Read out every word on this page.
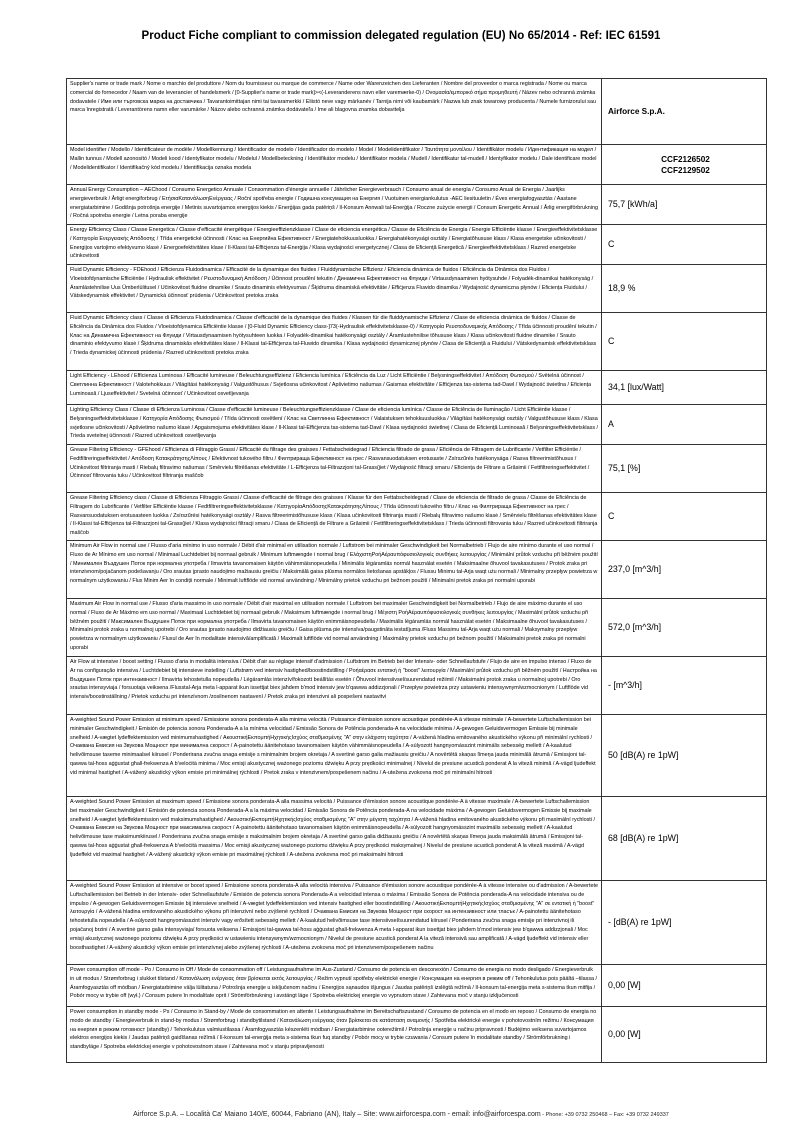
Product Fiche compliant to commission delegated regulation (EU) No 65/2014 - Ref: IEC 61591
Supplier's name or trade mark / Nome o marchio del produttore / Nom du fournisseur ou marque de commerce / Name oder Warenzeichen des Lieferanten / Nombre del proveedor o marca registrada / Nome ou marca comercial do fornecedor / Naam van de leverancier of handelsmerk / [0-Supplier's name or trade mark]><(-Leveranderens navn eller varemærke-0) / Ονομασία/εμπορικό σήμα προμηθευτή / Název nebo ochranná známka dodavatele / Име или търговска марка на доставчика / Tavarantoimittajan nimi tai tavaramerkki / Eliistó neve vagy márkanév / Tarnija nimi või kaubamärk / Nazwa lub znak towarowy producenta / Numele furnizorului sau marca înregistrată / Leverantörens namn eller varumärke / Názov alebo ochranná známka dodávateľa / Ime ali blagovna znamka dobavitelja	Airforce S.p.A.

Model identifier / Modello / Identificateur de modèle / Modellkennung / Identificador de modelo / Identificador do modelo / Model / Modelidentifikator / Ταυτότητα μοντέλου / Identifikátor modelu / Идентификация на модел / Mallin tunnus / Modell azonosító / Modeli kood / Identyfikator modelu / Modelul / Modellbeteckning / Identifikátor modelu / Identifikator modela / Mudell / Identifikatur tal-mudell / Identyfikator modelu / Dale identificare model / Modelidentifikator / Identifikačný kód modelu / Identifikacija oznaka modela	CCF2126502
CCF2129502

Annual Energy Consumption – AEChood / Consumo Energetico Annuale / Consommation d'énergie annuelle / Jährlicher Energieverbrauch / Consumo anual de energía / Consumo Anual de Energia / Jaarlijks energieverbruik / Årligt energiforbrug / ΕτήσιαΚατανάλωσηΕνέργειας / Roční spotřeba energie / Годишна консумация на Енергия / Vuotuinen energiankulutus -AEC liesituuletin / Éves energiafogyasztás / Aastane energiatarbimine / Godišnja potrošnja energije / Metinis suvartojamos energijos kiekis / Enerģijas gada patēriņš / Il-Konsum Annwali tal-Enerġija / Roczne zużycie energii / Consum Energetic Annual / Årlig energiförbrukning / Ročná spotreba energie / Letna poraba energije	75,7 [kWh/a]

Energy Efficiency Class / Classe Energetica / Classe d'efficacité énergétique / Energieeffizienzklasse / Clase de eficiencia energética / Classe de Eficiência de Energia / Energie Efficiëntie klasse / Energieeffektivitetsklasse / Κατηγορία Ενεργειακής Απόδοσης / Třída energetické účinnosti / Клас на Енергийна Ефективност / Energiatehokkuusluokka / Energiahatékonysági osztály / Energiatõhususe klass / Klasa energetske učinkovitosti / Energijos vartojimo efektyvumo klasė / Energoefektivitātes klase / Il-Klassi tal-Effiċjenza tal-Enerġija / Klasa wydajności energetycznej / Clasa de Eficiență Energetică / Energieeffektivitetsklass / Razred energetske učinkovitosti	C

Fluid Dynamic Efficiency - FDEhood / Efficienza Fluidodinamica / Efficacité de la dynamique des fluides / Fluiddynamische Effizienz / Eficiencia dinámica de fluidos / Eficiência da Dinâmica dos Fluidos / Vloeistofdynamische Efficiëntie / Hydraulisk effektivitet / Ρευστοδυναμική Απόδοση / Účinnost proudění tekutin / Динамична Ефективност на Флуиди / Virtausdynaaminen hyötysuhde / Folyadék-dinamikai hatékonyság / Áramlástehnilise Uus Ümberlülitusel / Učinkovitost fluidne dinamike / Srauto dinaminis efektyvumas / Šķidruma dinamiskā efektivitāte / Effiċjenza Fluwido dinamika / Wydajność dynamiczna płynów / Eficiența Fluidului / Vätskedynamisk effektivitet / Dynamická účinnosť prúdenia / Učinkovitost pretoka zraka	18,9 %

Fluid Dynamic Efficiency class / Classe di Efficienza Fluidodinamica / Classe d'efficacité de la dynamique des fluides / Klassen für die fluiddynamische Effizienz / Clase de eficiencia dinámica de fluidos / Classe de Eficiência da Dinâmica dos Fluidos / Vloeistofdynamica Efficiëntie klasse / [0-Fluid Dynamic Efficiency class-]73(-Hydraulisk effektivitetsklasse-0) / Κατηγορία Ρευστοδυναμικής Απόδοσης / Třída účinnosti proudění tekutin / Клас на Динамична Ефективност на Флуиди / Virtausdynaamisen hyötysuhteen luokka / Folyadék-dinamikai hatékonysági osztály / Áramlustehnilise tõhususe klass / Klasa učinkovitosti fluidne dinamike / Srauto dinaminio efektyvumo klasė / Šķidruma dinamiskās efektivitātes klase / Il-Klassi tal-Effiċjenza tal-Fluwido dinamika / Klasa wydajności dynamicznej płynów / Clasa de Eficiență a Fluidului / Vätskedynamisk effektivitetsklass / Trieda dynamickej účinnosti prúdenia / Razred učinkovitosti pretoka zraka	C

Light Efficiency - LEhood / Efficienza Luminosa / Efficacité lumineuse / Beleuchtungseffizienz / Eficiencia lumínica / Eficiência da Luz / Licht Efficiëntie / Belysningseffektivitet / Απόδοση Φωτισμού / Světelná účinnost / Светлинна Ефективност / Valotehokkuus / Világítási hatékonyság / Valgustõhusus / Svjetlosna učinkovitost / Apšvietimo našumas / Gaismas efektivitāte / Effiċjenza tas-sistema tad-Dawl / Wydajność świetlna / Eficiența Luminoasă / Ljuseffektivitet / Svetelná účinnosť / Učinkovitost osvetljevanja	34,1 [lux/Watt]

Lighting Efficiency Class / Classe di Efficienza Luminosa / Classe d'efficacité lumineuse / Beleuchtungseffizienzklasse / Clase de eficiencia lumínica / Classe de Eficiência de Iluminação / Licht Efficiëntie klasse / Belysningseffektivitetsklasse / Κατηγορία Απόδοσης Φωτισμού / Třída účinnosti osvětlení / Клас на Светлинна Ефективност / Valaistuksen tehokkuusluokka / Világítási hatékonysági osztály / Valgustõhususe klass / Klasa svjetlosne učinkovitosti / Apšvietimo našumo klasė / Apgaismojuma efektivitātes klase / Il-Klassi tal-Effiċjenza tas-sistema tad-Dawl / Klasa wydajności świetlnej / Clasa de Eficiență Luminoasă / Belysningseffektivitetsklass / Trieda svetelnej účinnosti / Razred učinkovitosti osvetljevanja	A

Grease Filtering Efficiency - GFEhood / Efficienza di Filtraggio Grassi / Efficacité du filtrage des graisses / Fettabscheidegrad / Eficiencia filtrado de grasa / Eficiência de Filtragem de Lubrificante / Vetfilter Efficiëntie / Fedtfiltreringseffektivitet / Απόδοση ΚατακράτησηςΛίπους / Efektivnost tukového filtru / Филтрираща Ефективност на грес / Rasvansuodatuksen erotusaste / Zsírszűrés hatékonysága / Rasva filtreerimistõhusus / Učinkovitost filtriranja masti / Riebalų filtravimo našumas / Smērvielu filtrēšanas efektivitāte / L-Effiċjenza tal-Filtrazzjoni tal-Grass(jiet / Wydajność filtracji smaru / Eficiența de Filtrare a Grăsimii / Fettfiltreringseffektivitet / Účinnosť filtrovania tuku / Učinkovitost filtriranja maščob	75,1 [%]

Grease Filtering Efficiency class / Classe di Efficienza Filtraggio Grassi / Classe d'efficacité de filtrage des graisses / Klasse für den Fettabscheidegrad / Clase de eficiencia de filtrado de grasa / Classe de Eficiência de Filtragem do Lubrificante / Vetfilter Efficiëntie klasse / Fedtfiltreringseffektivitetsklasse / ΚατηγορίαΑπόδοσηςΚατακράτησηςΛίπους / Třída účinnosti tukového filtru / Клас на Филтрираща Ефективност на грес / Rasvansuodatuksen erotusasteen luokka / Zsírszűrési hatékonysági osztály / Rasva filtreerimistõhususe klass / Klasa učinkovitosti filtriranja masti / Riebalų filtravimo našumo klasė / Smērvielu filtrēšanas efektivitātes klase / Il-Klassi tal-Effiċjenza tal-Filtrazzjoni tal-Grass(jiet / Klasa wydajności filtracji smaru / Clasa de Eficiență de Filtrare a Grăsimii / Fettfiltreringseffektivitetsklass / Trieda účinnosti filtrovania tuku / Razred učinkovitosti filtriranja maščob	C

Minimum Air Flow in normal use / Flusso d'aria minimo in uso normale / Débit d'air minimal en utilisation normale / Luftstrom bei minimaler Geschwindigkeit bei Normalbetrieb / Flujo de aire mínimo durante el uso normal / Fluxo de Ar Mínimo em uso normal / Minimaal Luchtdebiet bij normaal gebruik / Minimum luftmængde i normal brug / ΕλάχιστηΡοήΑέραυπόφυσιολογικές συνθήκες λειτουργίας / Minimální průtok vzduchu při běžném použití / Минимален Въздушен Поток при нормална употреба / Ilmavirta tavanomaisen käytön vähimmäisnopeudella / Minimális légáramlás normál használat esetén / Maksimaalne õhuvool tavakasutuses / Protok zraka pri intenzivnom/pojačanom podešavanju / Oro srautas įprasto naudojimo mažiausiu greičiu / Maksimālā gaisa plūsma normālos lietošanas apstākļos / Flussu Minimu tal-Arja waqt użu normali / Minimalny przepływ powietrza w normalnym użytkowaniu / Flux Minim Aer în condiții normale / Minimalt luftflöde vid normal användning / Minimálny prietok vzduchu pri bežnom použití / Minimalni pretok zraka pri normalni uporabi	237,0 [m^3/h]

Maximum Air Flow in normal use / Flusso d'aria massimo in uso normale / Débit d'air maximal en utilisation normale / Luftstrom bei maximaler Geschwindigkeit bei Normalbetrieb / Flujo de aire máximo durante el uso normal / Fluxo de Ar Máximo em uso normal / Maximaal Luchtdebiet bij normaal gebruik / Maksimum luftmængde i normal brug / Μέγιστη ΡοήΑέραυπόφυσιολογικές συνθήκες λειτουργίας / Maximální průtok vzduchu při běžném použití / Максимален Въздушен Поток при нормална употреба / Ilmavirta tavanomaisen käytön enimmäisnopeudella / Maximális légáramlás normál használat esetén / Maksimaalne õhuvool tavakasutuses / Minimalni protok zraka u normalnoj upotrebi / Oro srautas įprasto naudojimo didžiausiu greičiu / Gaisa plūsma pie intensīva/paugstināta iestatījuma /Fluss Massimu tal-Arja waqt użu normali / Maksymalny przepływ powietrza w normalnym użytkowaniu / Fluxul de Aer în modalitate intensivă/amplificată / Maximalt luftflöde vid normal användning / Maximálny prietok vzduchu pri bežnom použití / Maksimalni pretok zraka pri normalni uporabi	572,0 [m^3/h]

Air Flow at intensive / boost setting / Flusso d'aria in modalità intensiva / Débit d'air au réglage intensif d'admission / Luftstrom im Betrieb bei der Intensiv- oder Schnellaufstufe / Flujo de aire en impulso intenso / Fluxo de Ar na configuração intensiva / Luchtdebiet bij intensieve instelling / Luftstrøm ved intensiv hastighed/boostindstilling / Ροήαέρασε εντατική ή "boost" λειτουργία / Maximální průtok vzduchu při běžném použití / Настройка на Въздушен Поток при интензивност / Ilmavirta tehostetulla nopeudella / Légáramlás intenzív/fokozott beállítás esetén / Õhuvool intensiivsel/suurendatud režiimil / Maksimalni protok zraka u normalnoj upotrebi / Oro srautas intensyviaja / forsuotaja veiksena /Flusstal-Arja meta l-apparat ikun issettjat biex jaħdem b'mod intensiv jew b'qawwa addizzjonali / Przepływ powietrza przy ustawieniu intensywnym/wzmocnionym / Luftflöde vid intensiv/boostinställning / Prietok vzduchu pri intenzívnom /zosilnenom nastavení / Pretok zraka pri intenzivni ali pospešeni nastavitvi	- [m^3/h]

A-weighted Sound Power Emission at minimum speed / Emissione sonora ponderata-A alla minima velocità / Puissance d'émission sonore acoustique pondérée-A à vitesse minimale / A-bewertete Luftschallemission bei minimaler Geschwindigkeit / Emisión de potencia sonora Ponderada-A a la mínima velocidad / Emissão Sonora de Potência ponderada-A na velocidade mínima / A-gewogen Geluidsvermogen Emissie bij minimale snelheid / A-vægtet lydeffektemission ved minimumshastighed / ΑκουστικήΕκπομπήΗχητικήςΙσχύος σταθμισμένης "A" στην ελάχιστη ταχύτητα / A-vážená hladina emitovaného akustického výkonu při minimální rychlosti / Очаквана Емисия на Звукова Мощност при минимална скорост / A-painotettu äänitehotaso tavanomaisen käytön vähimmäisnopeudella / A-súlyozott hangnyomásszint minimális sebesség mellett / A-kaalutud helivõimsuse taseme minimaalsel kiirusel / Ponderirana zvučna snaga emisije s minimalnim brojem okretaja / A svertinė garso galia mažiausiu greičiu / A novērtētā skaņas līmeņa jauda minimālā ātrumā / Emissjoni tal-qawwa tal-ħoss aġġustat għall-frekwenza A b'veloċità minima / Moc emisji akustycznej ważonego poziomu dźwięku A przy prędkości minimalnej / Nivelul de presiune acustică ponderat A la viteză minimă / A-vägd ljudeffekt vid minimal hastighet / A-vážený akustický výkon emisie pri minimálnej rýchlosti / Pretok zraka v intenzivnem/pospešenem načinu / A-utežena zvokovna moč pri minimalni hitrosti	50 [dB(A) re 1pW]

A-weighted Sound Power Emission at maximum speed / Emissione sonora ponderata-A alla massima velocità / Puissance d'émission sonore acoustique pondérée-A à vitesse maximale / A-bewertete Luftschallemission bei maximaler Geschwindigkeit / Emisión de potencia sonora Ponderada-A a la máxima velocidad / Emissão Sonora de Potência ponderada-A na velocidade máxima / A-gewogen Geluidsvermogen Emissie bij maximale snelheid / A-vægtet lydeffektemission ved maksimumshastighed / ΑκουστικήΕκπομπήΗχητικήςΙσχύος σταθμισμένης "A" στην μέγιστη ταχύτητα / A-vážená hladina emitovaného akustického výkonu při maximální rychlosti / Очаквана Емисия на Звукова Мощност при максимална скорост / A-painotettu äänitehotaso tavanomaisen käytön enimmäisnopeudella / A-súlyozott hangnyomásszint maximális sebesség mellett / A-kaalutud helivõimsuse tase maksimumkiirusel / Ponderirana zvučna snaga emisije s maksimalnim brojem okretaja / A svertinė garso galia didžiausiu greičiu / A novērtētā skaņas līmeņa jauda maksimālā ātrumā / Emissjoni tal-qawwa tal-ħoss aġġustat għall-frekwenza A b'veloċità massima / Moc emisji akustycznej ważonego poziomu dźwięku A przy prędkości maksymalnej / Nivelul de presiune acustică ponderat A la viteză maximă / A-vägd ljudeffekt vid maximal hastighet / A-vážený akustický výkon emisie pri maximálnej rýchlosti / A-utežena zvokovna moč pri maksimalni hitrosti	68 [dB(A) re 1pW]

A-weighted Sound Power Emission at intensive or boost speed / Emissione sonora ponderata-A alla velocità intensiva / Puissance d'émission sonore acoustique pondérée-A à vitesse intensive ou d'admission / A-bewertete Luftschallemission bei Betrieb in der Intensiv- oder Schnellaufstufe / Emisión de potencia sonora Ponderada-A a velocidad intensa o máxima / Emissão Sonora de Potência ponderada-A na velocidade intensiva ou de impulso / A-gewogen Geluidsvermogen Emissie bij intensieve snelheid / A-vægtet lydeffektemission ved intensiv hastighed eller boostindstilling / ΑκουστικήΕκπομπήΗχητικήςΙσχύος σταθμισμένης "A" σε εντατική ή "boost" λειτουργία / A-vážená hladina emitovaného akustického výkonu při intenzivní nebo zvýšené rychlosti / Очаквана Емисия на Звукова Мощност при скорост на интензивност или тласък / A-painotettu äänitehotaso tehostetulla nopeudella / A-súlyozott hangnyomásszint intenzív vagy erősített sebesség mellett / A-kaalutud helivõimsuse tase intensiivsel/suurendatud kiirusel / Ponderirana zvučna snaga emisije pri intenzivnoj ili pojačanoj brzini / A svertinė garso galia intensyviaja/ forsuota veiksena / Emissjoni tal-qawwa tal-ħoss aġġustat għall-frekwenza A meta l-apparat ikun issettjat biex jaħdem b'mod intensiv jew b'qawwa addizzjonali / Moc emisji akustycznej ważonego poziomu dźwięku A przy prędkości w ustawieniu intensywnym/wzmocnionym / Nivelul de presiune acustică ponderat A la viteză intensivă sau amplificată / A-vägd ljudeffekt vid intensiv eller boosthastighet / A-vážený akustický výkon emisie pri intenzívnej alebo zvýšenej rýchlosti / A-utežena zvokovna moč pri intenzivnem/pospešenem načinu	- [dB(A) re 1pW]

Power consumption off mode - Po / Consumo in Off / Mode de consommation off / Leistungsaufnahme im Aus-Zustand / Consumo de potencia en desconexión / Consumo de energia no modo desligado / Energieverbruik in uit modus / Strømforbrug i slukket tilstand / Κατανάλωση ενέργειας όταν βρίσκεται εκτός λειτουργίας / Režim vypnutí spotřeby elektrické energie / Консумация на енергия в режим off / Tehonkulutus pois päältä –tilassa / Áramfogyasztás off módban / Energiatarbimine välja lülitatuna / Potrošnja energije u isključenom načinu / Energijos sąnaudos išjungus / Jaudas patēriņš izslēgtā režīmā / Il-konsum tal-enerġija meta s-sistema tkun mitfija / Pobór mocy w trybie off (wył.) / Consum putere în modalitate oprit / Strömförbrukning i avstängt läge / Spotreba elektrickej energie vo vypnutom stave / Zahtevana moč v stanju izključenosti	0,00 [W]

Power consumption in standby mode - Ps / Consumo in Stand-by / Mode de consommation en attente / Leistungsaufnahme im Bereitschaftszustand / Consumo de potencia en el modo en reposo / Consumo de energia no modo de standby / Energieverbruik in stand-by modus / Strømforbrug i standbytilstand / Κατανάλωση ενέργειας όταν βρίσκεται σε κατάσταση αναμονής / Spotřeba elektrické energie v pohotovostním režimu / Консумация на енергия в режим готовност (standby) / Tehonkulutus valmiustilassa / Áramfogyasztás készenléti módban / Energiatarbimine ooterežiimil / Potrošnja energije u načinu pripravnosti / Budėjimo veiksena suvartojamos elektros energijos kiekis / Jaudas patēriņš gaidīšanas režīmā / Il-konsum tal-enerġija meta s-sistema tkun fuq standby / Pobór mocy w trybie czuwania / Consum putere în modalitate standby / Strömförbrukning i standbyläge / Spotreba elektrickej energie v pohotovostnom stave / Zahtevana moč v stanju pripravljenosti	0,00 [W]
Airforce S.p.A. – Località Ca' Maiano 140/E, 60044, Fabriano (AN), Italy – Site: www.airforcespa.com - email: info@airforcespa.com - Phone: +39 0732 250468 – Fax: +39 0732 249337
